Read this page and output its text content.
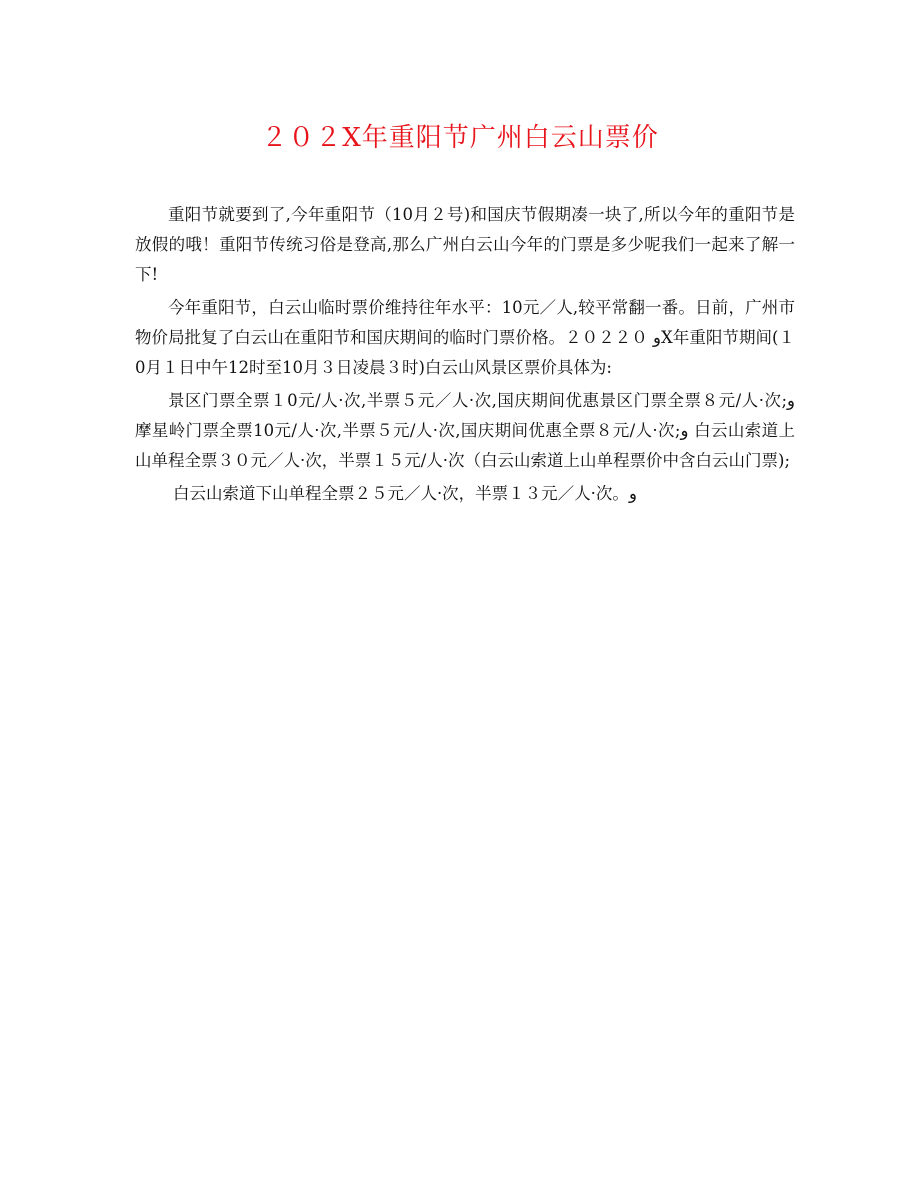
２０２X年重阳节广州白云山票价

重阳节就要到了,今年重阳节（10月２号)和国庆节假期凑一块了,所以今年的重阳节是放假的哦！重阳节传统习俗是登高,那么广州白云山今年的门票是多少呢我们一起来了解一下!

今年重阳节，白云山临时票价维持往年水平：10元／人,较平常翻一番。日前，广州市物价局批复了白云山在重阳节和国庆期间的临时门票价格。２０２２０ وX年重阳节期间(１0月１日中午12时至10月３日凌晨３时)白云山风景区票价具体为:

景区门票全票１0元/人·次,半票５元／人·次,国庆期间优惠景区门票全票８元/人·次;و 摩星岭门票全票10元/人·次,半票５元/人·次,国庆期间优惠全票８元/人·次;و 白云山索道上山单程全票３０元／人·次，半票１５元/人·次（白云山索道上山单程票价中含白云山门票);

白云山索道下山单程全票２５元／人·次，半票１３元／人·次。و
